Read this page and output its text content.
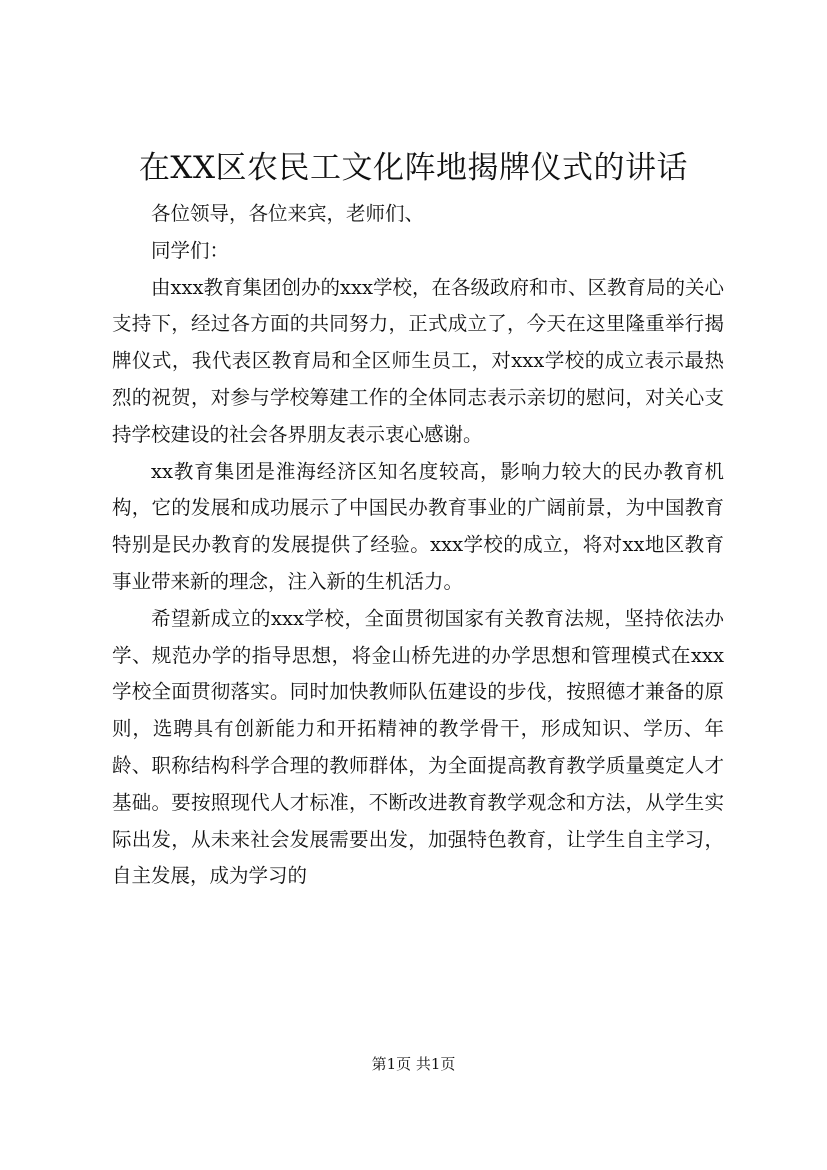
在XX区农民工文化阵地揭牌仪式的讲话

各位领导，各位来宾，老师们、

同学们：

由xxx教育集团创办的xxx学校，在各级政府和市、区教育局的关心支持下，经过各方面的共同努力，正式成立了，今天在这里隆重举行揭牌仪式，我代表区教育局和全区师生员工，对xxx学校的成立表示最热烈的祝贺，对参与学校筹建工作的全体同志表示亲切的慰问，对关心支持学校建设的社会各界朋友表示衷心感谢。

xx教育集团是淮海经济区知名度较高，影响力较大的民办教育机构，它的发展和成功展示了中国民办教育事业的广阔前景，为中国教育特别是民办教育的发展提供了经验。xxx学校的成立，将对xx地区教育事业带来新的理念，注入新的生机活力。

希望新成立的xxx学校，全面贯彻国家有关教育法规，坚持依法办学、规范办学的指导思想，将金山桥先进的办学思想和管理模式在xxx学校全面贯彻落实。同时加快教师队伍建设的步伐，按照德才兼备的原则，选聘具有创新能力和开拓精神的教学骨干，形成知识、学历、年龄、职称结构科学合理的教师群体，为全面提高教育教学质量奠定人才基础。要按照现代人才标准，不断改进教育教学观念和方法，从学生实际出发，从未来社会发展需要出发，加强特色教育，让学生自主学习，自主发展，成为学习的

第1页 共1页
